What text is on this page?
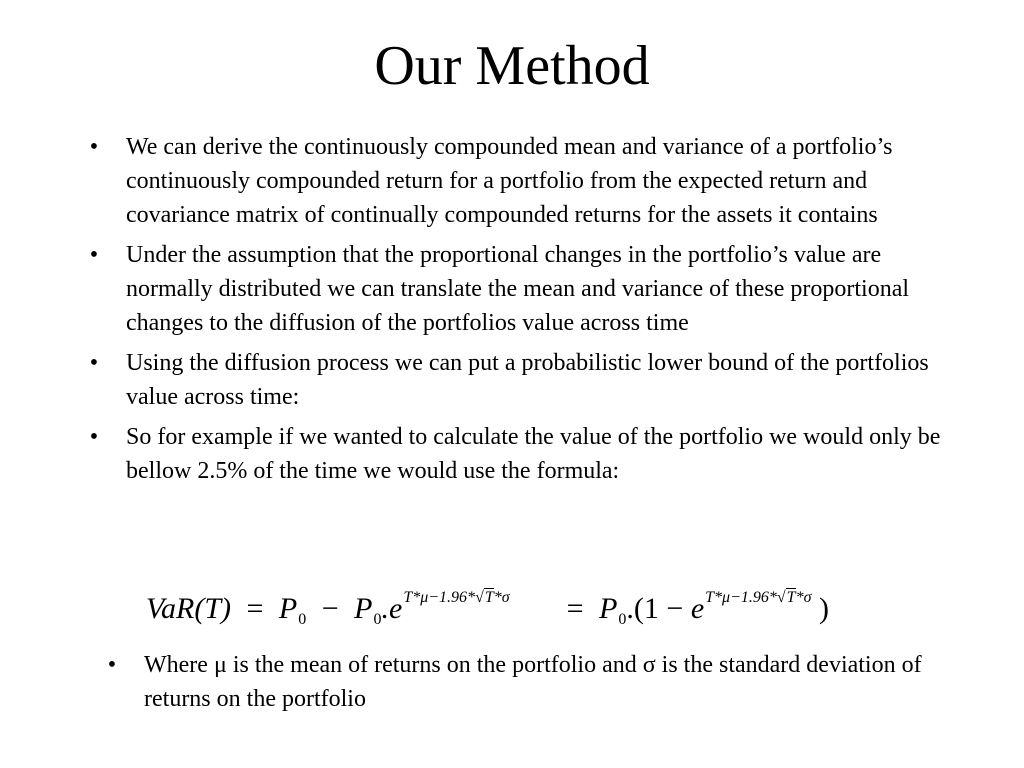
Our Method
• We can derive the continuously compounded mean and variance of a portfolio’s continuously compounded return for a portfolio from the expected return and covariance matrix of continually compounded returns for the assets it contains
• Under the assumption that the proportional changes in the portfolio’s value are normally distributed we can translate the mean and variance of these proportional changes to the diffusion of the portfolios value across time
• Using the diffusion process we can put a probabilistic lower bound of the portfolios value across time:
• So for example if we wanted to calculate the value of the portfolio we would only be bellow 2.5% of the time we would use the formula:
$VaR(T) = P_0 - P_0.e^{T*\mu-1.96*√T*\sigma} = P_0.(1 - e^{T*\mu-1.96*√T*\sigma}$ )
• Where μ is the mean of returns on the portfolio and σ is the standard deviation of returns on the portfolio
